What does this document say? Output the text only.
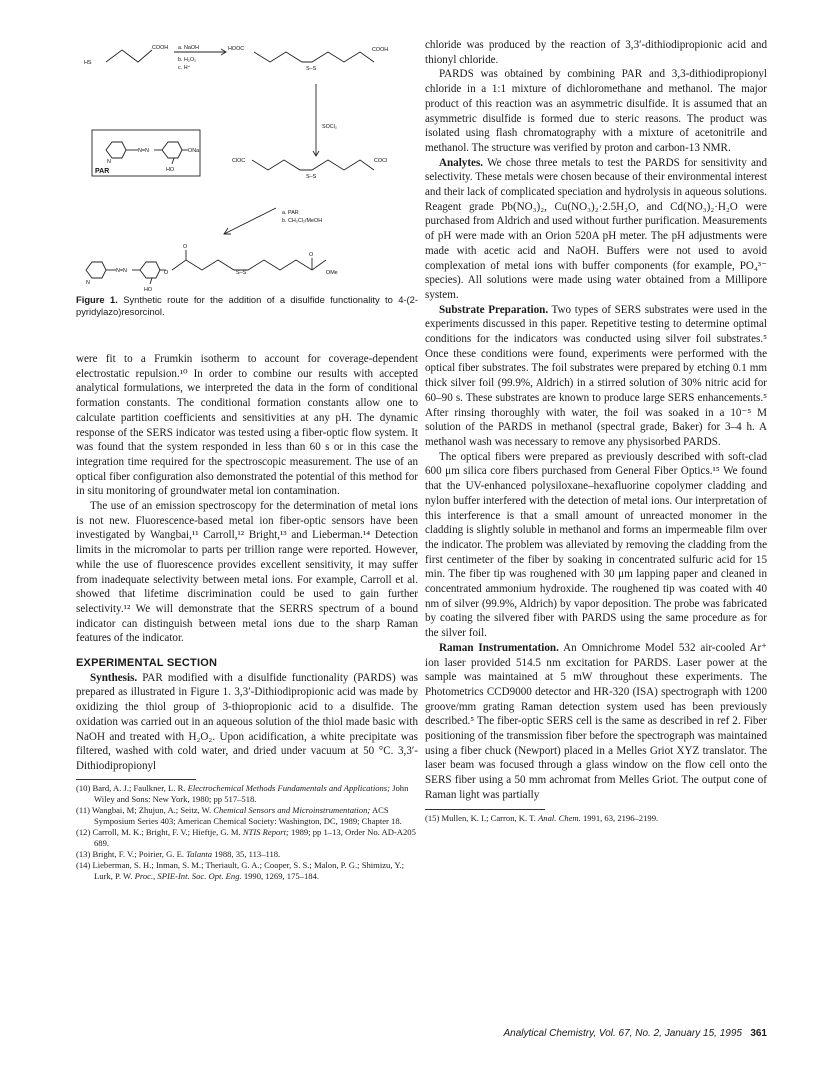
HS
COOH a. NaOH
b. H₂O₂
c. H⁺
HOOC
S–S
COOH
SOCl₂
N
N=N	ONa
HO
ClOC
S–S
COCl
a. PAR
b. CH₂Cl₂/MeOH
N
N=N	O
O
HO
S–S
O
OMe
PAR

Figure 1. Synthetic route for the addition of a disulfide functionality to 4-(2-pyridylazo)resorcinol.

were fit to a Frumkin isotherm to account for coverage-dependent electrostatic repulsion.¹⁰ In order to combine our results with accepted analytical formulations, we interpreted the data in the form of conditional formation constants. The conditional formation constants allow one to calculate partition coefficients and sensitivities at any pH. The dynamic response of the SERS indicator was tested using a fiber-optic flow system. It was found that the system responded in less than 60 s or in this case the integration time required for the spectroscopic measurement. The use of an optical fiber configuration also demonstrated the potential of this method for in situ monitoring of groundwater metal ion contamination.

The use of an emission spectroscopy for the determination of metal ions is not new. Fluorescence-based metal ion fiber-optic sensors have been investigated by Wangbai,¹¹ Carroll,¹² Bright,¹³ and Lieberman.¹⁴ Detection limits in the micromolar to parts per trillion range were reported. However, while the use of fluorescence provides excellent sensitivity, it may suffer from inadequate selectivity between metal ions. For example, Carroll et al. showed that lifetime discrimination could be used to gain further selectivity.¹² We will demonstrate that the SERRS spectrum of a bound indicator can distinguish between metal ions due to the sharp Raman features of the indicator.

EXPERIMENTAL SECTION

Synthesis. PAR modified with a disulfide functionality (PARDS) was prepared as illustrated in Figure 1. 3,3′-Dithiodipropionic acid was made by oxidizing the thiol group of 3-thiopropionic acid to a disulfide. The oxidation was carried out in an aqueous solution of the thiol made basic with NaOH and treated with H₂O₂. Upon acidification, a white precipitate was filtered, washed with cold water, and dried under vacuum at 50 °C. 3,3′-Dithiodipropionyl

(10) Bard, A. J.; Faulkner, L. R. Electrochemical Methods Fundamentals and Applications; John Wiley and Sons: New York, 1980; pp 517–518.

(11) Wangbai, M; Zhujun, A.; Seitz, W. Chemical Sensors and Microinstrumentation; ACS Symposium Series 403; American Chemical Society: Washington, DC, 1989; Chapter 18.

(12) Carroll, M. K.; Bright, F. V.; Hieftje, G. M. NTIS Report; 1989; pp 1–13, Order No. AD-A205 689.

(13) Bright, F. V.; Poirier, G. E. Talanta 1988, 35, 113–118.

(14) Lieberman, S. H.; Inman, S. M.; Theriault, G. A.; Cooper, S. S.; Malon, P. G.; Shimizu, Y.; Lurk, P. W. Proc., SPIE-Int. Soc. Opt. Eng. 1990, 1269, 175–184.

chloride was produced by the reaction of 3,3′-dithiodipropionic acid and thionyl chloride.

PARDS was obtained by combining PAR and 3,3-dithiodipropionyl chloride in a 1:1 mixture of dichloromethane and methanol. The major product of this reaction was an asymmetric disulfide. It is assumed that an asymmetric disulfide is formed due to steric reasons. The product was isolated using flash chromatography with a mixture of acetonitrile and methanol. The structure was verified by proton and carbon-13 NMR.

Analytes. We chose three metals to test the PARDS for sensitivity and selectivity. These metals were chosen because of their environmental interest and their lack of complicated speciation and hydrolysis in aqueous solutions. Reagent grade Pb(NO₃)₂, Cu(NO₃)₂·2.5H₂O, and Cd(NO₃)₂·H₂O were purchased from Aldrich and used without further purification. Measurements of pH were made with an Orion 520A pH meter. The pH adjustments were made with acetic acid and NaOH. Buffers were not used to avoid complexation of metal ions with buffer components (for example, PO₄³⁻ species). All solutions were made using water obtained from a Millipore system.

Substrate Preparation. Two types of SERS substrates were used in the experiments discussed in this paper. Repetitive testing to determine optimal conditions for the indicators was conducted using silver foil substrates.⁵ Once these conditions were found, experiments were performed with the optical fiber substrates. The foil substrates were prepared by etching 0.1 mm thick silver foil (99.9%, Aldrich) in a stirred solution of 30% nitric acid for 60–90 s. These substrates are known to produce large SERS enhancements.⁵ After rinsing thoroughly with water, the foil was soaked in a 10⁻⁵ M solution of the PARDS in methanol (spectral grade, Baker) for 3–4 h. A methanol wash was necessary to remove any physisorbed PARDS.

The optical fibers were prepared as previously described with soft-clad 600 μm silica core fibers purchased from General Fiber Optics.¹⁵ We found that the UV-enhanced polysiloxane–hexafluorine copolymer cladding and nylon buffer interfered with the detection of metal ions. Our interpretation of this interference is that a small amount of unreacted monomer in the cladding is slightly soluble in methanol and forms an impermeable film over the indicator. The problem was alleviated by removing the cladding from the first centimeter of the fiber by soaking in concentrated sulfuric acid for 15 min. The fiber tip was roughened with 30 μm lapping paper and cleaned in concentrated ammonium hydroxide. The roughened tip was coated with 40 nm of silver (99.9%, Aldrich) by vapor deposition. The probe was fabricated by coating the silvered fiber with PARDS using the same procedure as for the silver foil.

Raman Instrumentation. An Omnichrome Model 532 air-cooled Ar⁺ ion laser provided 514.5 nm excitation for PARDS. Laser power at the sample was maintained at 5 mW throughout these experiments. The Photometrics CCD9000 detector and HR-320 (ISA) spectrograph with 1200 groove/mm grating Raman detection system used has been previously described.⁵ The fiber-optic SERS cell is the same as described in ref 2. Fiber positioning of the transmission fiber before the spectrograph was maintained using a fiber chuck (Newport) placed in a Melles Griot XYZ translator. The laser beam was focused through a glass window on the flow cell onto the SERS fiber using a 50 mm achromat from Melles Griot. The output cone of Raman light was partially

(15) Mullen, K. I.; Carron, K. T. Anal. Chem. 1991, 63, 2196–2199.

Analytical Chemistry, Vol. 67, No. 2, January 15, 1995 361
